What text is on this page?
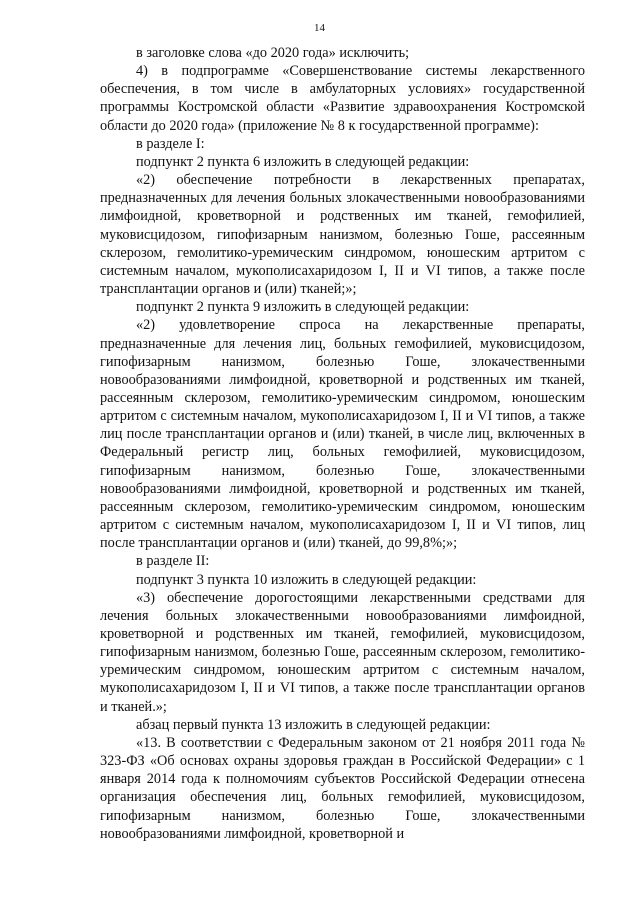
14

в заголовке слова «до 2020 года» исключить;

4) в подпрограмме «Совершенствование системы лекарственного обеспечения, в том числе в амбулаторных условиях» государственной программы Костромской области «Развитие здравоохранения Костромской области до 2020 года» (приложение № 8 к государственной программе):

в разделе I:

подпункт 2 пункта 6 изложить в следующей редакции:

«2) обеспечение потребности в лекарственных препаратах, предназначенных для лечения больных злокачественными новообразованиями лимфоидной, кроветворной и родственных им тканей, гемофилией, муковисцидозом, гипофизарным нанизмом, болезнью Гоше, рассеянным склерозом, гемолитико-уремическим синдромом, юношеским артритом с системным началом, мукополисахаридозом I, II и VI типов, а также после трансплантации органов и (или) тканей;»;

подпункт 2 пункта 9 изложить в следующей редакции:

«2) удовлетворение спроса на лекарственные препараты, предназначенные для лечения лиц, больных гемофилией, муковисцидозом, гипофизарным нанизмом, болезнью Гоше, злокачественными новообразованиями лимфоидной, кроветворной и родственных им тканей, рассеянным склерозом, гемолитико-уремическим синдромом, юношеским артритом с системным началом, мукополисахаридозом I, II и VI типов, а также лиц после трансплантации органов и (или) тканей, в числе лиц, включенных в Федеральный регистр лиц, больных гемофилией, муковисцидозом, гипофизарным нанизмом, болезнью Гоше, злокачественными новообразованиями лимфоидной, кроветворной и родственных им тканей, рассеянным склерозом, гемолитико-уремическим синдромом, юношеским артритом с системным началом, мукополисахаридозом I, II и VI типов, лиц после трансплантации органов и (или) тканей, до 99,8%;»;

в разделе II:

подпункт 3 пункта 10 изложить в следующей редакции:

«3) обеспечение дорогостоящими лекарственными средствами для лечения больных злокачественными новообразованиями лимфоидной, кроветворной и родственных им тканей, гемофилией, муковисцидозом, гипофизарным нанизмом, болезнью Гоше, рассеянным склерозом, гемолитико-уремическим синдромом, юношеским артритом с системным началом, мукополисахаридозом I, II и VI типов, а также после трансплантации органов и тканей.»;

абзац первый пункта 13 изложить в следующей редакции:

«13. В соответствии с Федеральным законом от 21 ноября 2011 года № 323-ФЗ «Об основах охраны здоровья граждан в Российской Федерации» с 1 января 2014 года к полномочиям субъектов Российской Федерации отнесена организация обеспечения лиц, больных гемофилией, муковисцидозом, гипофизарным нанизмом, болезнью Гоше, злокачественными новообразованиями лимфоидной, кроветворной и
